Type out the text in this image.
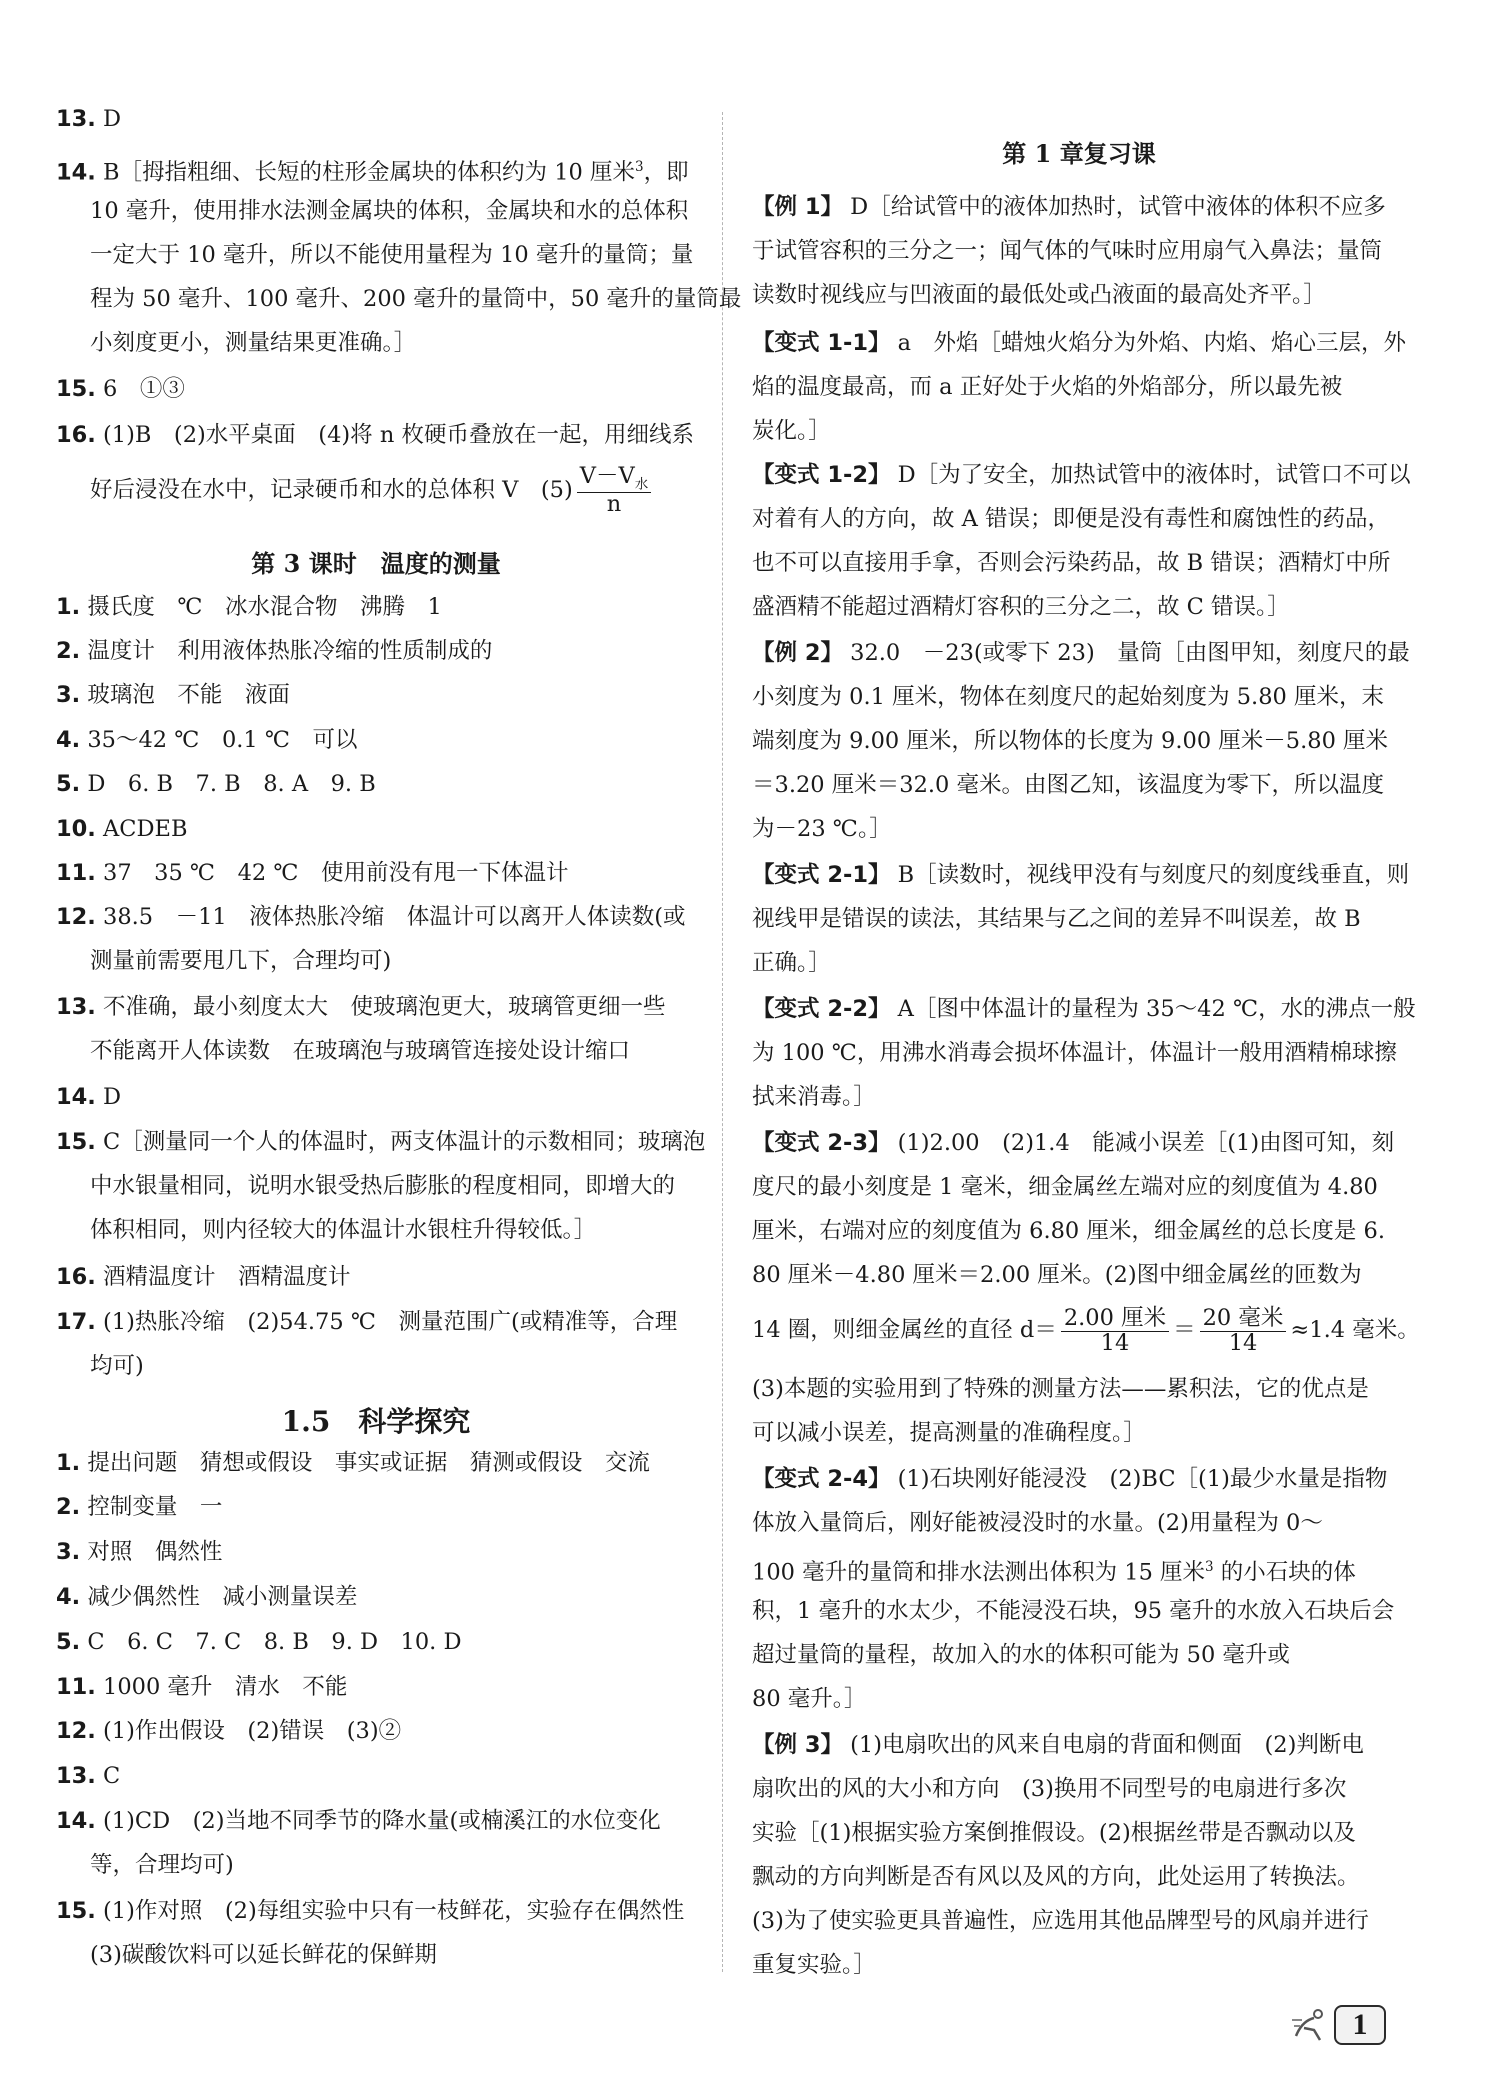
13. D
14. B［拇指粗细、长短的柱形金属块的体积约为 10 厘米$^3$，即
10 毫升，使用排水法测金属块的体积，金属块和水的总体积
一定大于 10 毫升，所以不能使用量程为 10 毫升的量筒；量
程为 50 毫升、100 毫升、200 毫升的量筒中，50 毫升的量筒最
小刻度更小，测量结果更准确。］
15. 6　①③
16. (1)B　(2)水平桌面　(4)将 n 枚硬币叠放在一起，用细线系
好后浸没在水中，记录硬币和水的总体积 V　$(5) \frac{V-V_水}{n}$
第 3 课时　温度的测量
1. 摄氏度　℃　冰水混合物　沸腾　1
2. 温度计　利用液体热胀冷缩的性质制成的
3. 玻璃泡　不能　液面
4. 35～42 ℃　0.1 ℃　可以
5. D　6. B　7. B　8. A　9. B
10. ACDEB
11. 37　35 ℃　42 ℃　使用前没有甩一下体温计
12. 38.5　－11　液体热胀冷缩　体温计可以离开人体读数(或
测量前需要甩几下，合理均可)
13. 不准确，最小刻度太大　使玻璃泡更大，玻璃管更细一些
不能离开人体读数　在玻璃泡与玻璃管连接处设计缩口
14. D
15. C［测量同一个人的体温时，两支体温计的示数相同；玻璃泡
中水银量相同，说明水银受热后膨胀的程度相同，即增大的
体积相同，则内径较大的体温计水银柱升得较低。］
16. 酒精温度计　酒精温度计
17. (1)热胀冷缩　(2)54.75 ℃　测量范围广(或精准等，合理
均可)
1.5　科学探究
1. 提出问题　猜想或假设　事实或证据　猜测或假设　交流
2. 控制变量　一
3. 对照　偶然性
4. 减少偶然性　减小测量误差
5. C　6. C　7. C　8. B　9. D　10. D
11. 1000 毫升　清水　不能
12. (1)作出假设　(2)错误　(3)②
13. C
14. (1)CD　(2)当地不同季节的降水量(或楠溪江的水位变化
等，合理均可)
15. (1)作对照　(2)每组实验中只有一枝鲜花，实验存在偶然性
(3)碳酸饮料可以延长鲜花的保鲜期
第 1 章复习课
【例 1】 D［给试管中的液体加热时，试管中液体的体积不应多
于试管容积的三分之一；闻气体的气味时应用扇气入鼻法；量筒
读数时视线应与凹液面的最低处或凸液面的最高处齐平。］
【变式 1-1】 a　外焰［蜡烛火焰分为外焰、内焰、焰心三层，外
焰的温度最高，而 a 正好处于火焰的外焰部分，所以最先被
炭化。］
【变式 1-2】 D［为了安全，加热试管中的液体时，试管口不可以
对着有人的方向，故 A 错误；即便是没有毒性和腐蚀性的药品，
也不可以直接用手拿，否则会污染药品，故 B 错误；酒精灯中所
盛酒精不能超过酒精灯容积的三分之二，故 C 错误。］
【例 2】 32.0　－23(或零下 23)　量筒［由图甲知，刻度尺的最
小刻度为 0.1 厘米，物体在刻度尺的起始刻度为 5.80 厘米，末
端刻度为 9.00 厘米，所以物体的长度为 9.00 厘米－5.80 厘米
＝3.20 厘米＝32.0 毫米。由图乙知，该温度为零下，所以温度
为－23 ℃。］
【变式 2-1】 B［读数时，视线甲没有与刻度尺的刻度线垂直，则
视线甲是错误的读法，其结果与乙之间的差异不叫误差，故 B
正确。］
【变式 2-2】 A［图中体温计的量程为 35～42 ℃，水的沸点一般
为 100 ℃，用沸水消毒会损坏体温计，体温计一般用酒精棉球擦
拭来消毒。］
【变式 2-3】 (1)2.00　(2)1.4　能减小误差［(1)由图可知，刻
度尺的最小刻度是 1 毫米，细金属丝左端对应的刻度值为 4.80
厘米，右端对应的刻度值为 6.80 厘米，细金属丝的总长度是 6.
80 厘米－4.80 厘米＝2.00 厘米。(2)图中细金属丝的匝数为
14 圈，则细金属丝的直径 $d= \frac{\text{2.00 厘米}}{14} = \frac{\text{20 毫米}}{14} \approx 1.4$ 毫米。
(3)本题的实验用到了特殊的测量方法——累积法，它的优点是
可以减小误差，提高测量的准确程度。］
【变式 2-4】 (1)石块刚好能浸没　(2)BC［(1)最少水量是指物
体放入量筒后，刚好能被浸没时的水量。(2)用量程为 0～
100 毫升的量筒和排水法测出体积为 15 厘米$^3$ 的小石块的体
积，1 毫升的水太少，不能浸没石块，95 毫升的水放入石块后会
超过量筒的量程，故加入的水的体积可能为 50 毫升或
80 毫升。］
【例 3】 (1)电扇吹出的风来自电扇的背面和侧面　(2)判断电
扇吹出的风的大小和方向　(3)换用不同型号的电扇进行多次
实验［(1)根据实验方案倒推假设。(2)根据丝带是否飘动以及
飘动的方向判断是否有风以及风的方向，此处运用了转换法。
(3)为了使实验更具普遍性，应选用其他品牌型号的风扇并进行
重复实验。］
1
